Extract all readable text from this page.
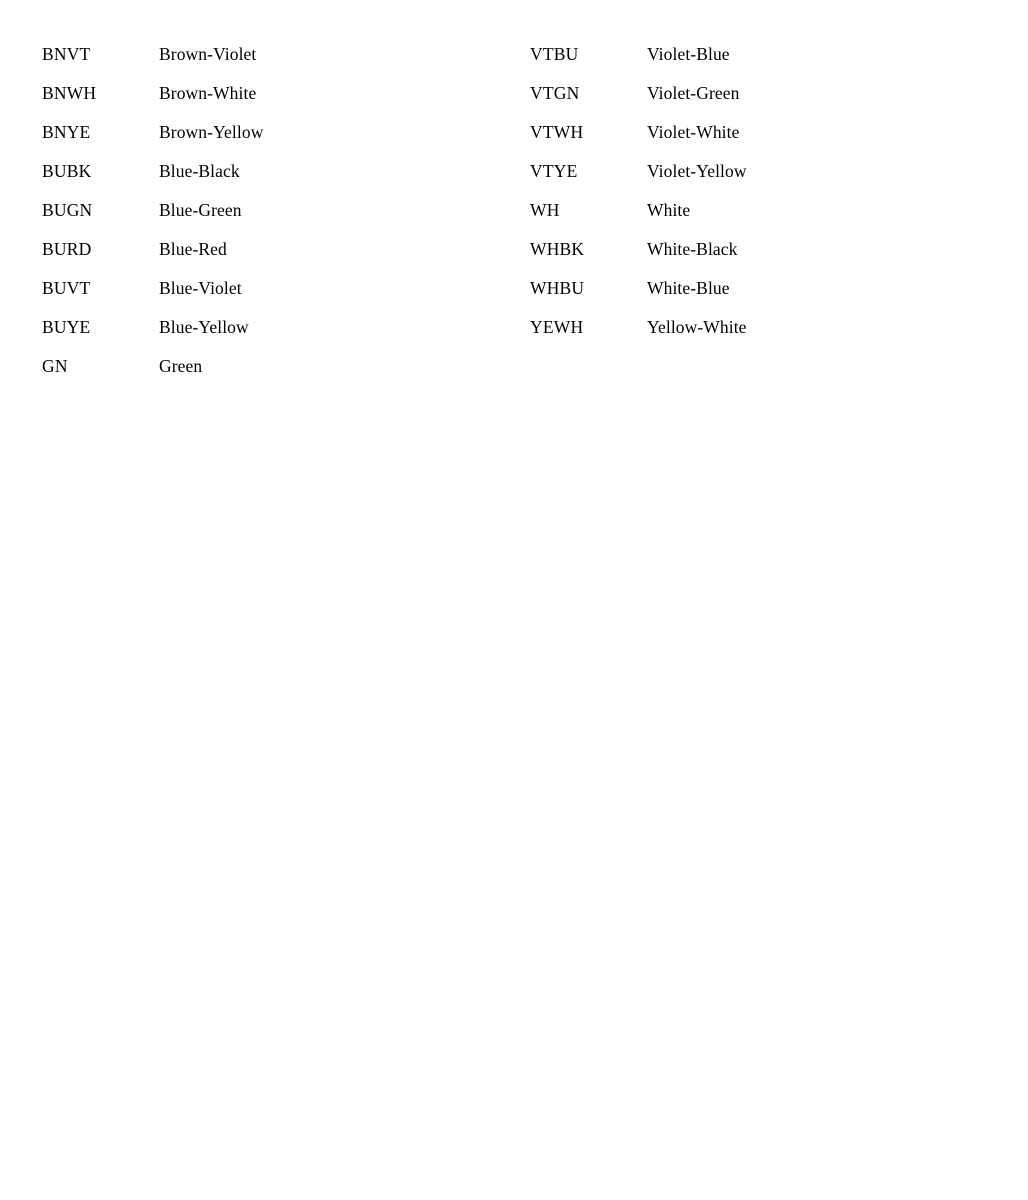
BNVT	Brown-Violet
BNWH	Brown-White
BNYE	Brown-Yellow
BUBK	Blue-Black
BUGN	Blue-Green
BURD	Blue-Red
BUVT	Blue-Violet
BUYE	Blue-Yellow
GN	Green
VTBU	Violet-Blue
VTGN	Violet-Green
VTWH	Violet-White
VTYE	Violet-Yellow
WH	White
WHBK	White-Black
WHBU	White-Blue
YEWH	Yellow-White
